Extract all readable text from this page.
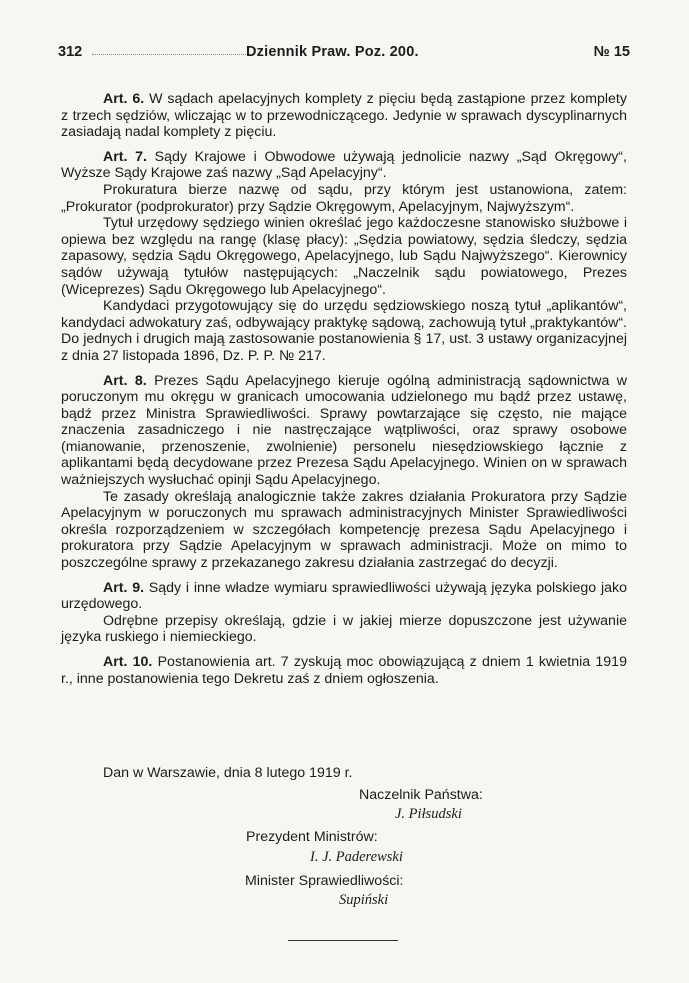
312	Dziennik Praw. Poz. 200.	№ 15

Art. 6. W sądach apelacyjnych komplety z pięciu będą zastąpione przez komplety z trzech sędziów, wliczając w to przewodniczącego. Jedynie w sprawach dyscyplinarnych zasiadają nadal komplety z pięciu.

Art. 7. Sądy Krajowe i Obwodowe używają jednolicie nazwy „Sąd Okręgowy“, Wyższe Sądy Krajowe zaś nazwy „Sąd Apelacyjny“.

Prokuratura bierze nazwę od sądu, przy którym jest ustanowiona, zatem: „Prokurator (podprokurator) przy Sądzie Okręgowym, Apelacyjnym, Najwyższym“.

Tytuł urzędowy sędziego winien określać jego każdoczesne stanowisko służbowe i opiewa bez względu na rangę (klasę płacy): „Sędzia powiatowy, sędzia śledczy, sędzia zapasowy, sędzia Sądu Okręgowego, Apelacyjnego, lub Sądu Najwyższego“. Kierownicy sądów używają tytułów następujących: „Naczelnik sądu powiatowego, Prezes (Wiceprezes) Sądu Okręgowego lub Apelacyjnego“.

Kandydaci przygotowujący się do urzędu sędziowskiego noszą tytuł „aplikantów“, kandydaci adwokatury zaś, odbywający praktykę sądową, zachowują tytuł „praktykantów“. Do jednych i drugich mają zastosowanie postanowienia § 17, ust. 3 ustawy organizacyjnej z dnia 27 listopada 1896, Dz. P. P. № 217.

Art. 8. Prezes Sądu Apelacyjnego kieruje ogólną administracją sądownictwa w poruczonym mu okręgu w granicach umocowania udzielonego mu bądź przez ustawę, bądź przez Ministra Sprawiedliwości. Sprawy powtarzające się często, nie mające znaczenia zasadniczego i nie nastręczające wątpliwości, oraz sprawy osobowe (mianowanie, przenoszenie, zwolnienie) personelu niesędziowskiego łącznie z aplikantami będą decydowane przez Prezesa Sądu Apelacyjnego. Winien on w sprawach ważniejszych wysłuchać opinji Sądu Apelacyjnego.

Te zasady określają analogicznie także zakres działania Prokuratora przy Sądzie Apelacyjnym w poruczonych mu sprawach administracyjnych Minister Sprawiedliwości określa rozporządzeniem w szczegółach kompetencję prezesa Sądu Apelacyjnego i prokuratora przy Sądzie Apelacyjnym w sprawach administracji. Może on mimo to poszczególne sprawy z przekazanego zakresu działania zastrzegać do decyzji.

Art. 9. Sądy i inne władze wymiaru sprawiedliwości używają języka polskiego jako urzędowego.

Odrębne przepisy określają, gdzie i w jakiej mierze dopuszczone jest używanie języka ruskiego i niemieckiego.

Art. 10. Postanowienia art. 7 zyskują moc obowiązującą z dniem 1 kwietnia 1919 r., inne postanowienia tego Dekretu zaś z dniem ogłoszenia.

Dan w Warszawie, dnia 8 lutego 1919 r.
Naczelnik Państwa:
J. Piłsudski
Prezydent Ministrów:
I. J. Paderewski
Minister Sprawiedliwości:
Supiński
